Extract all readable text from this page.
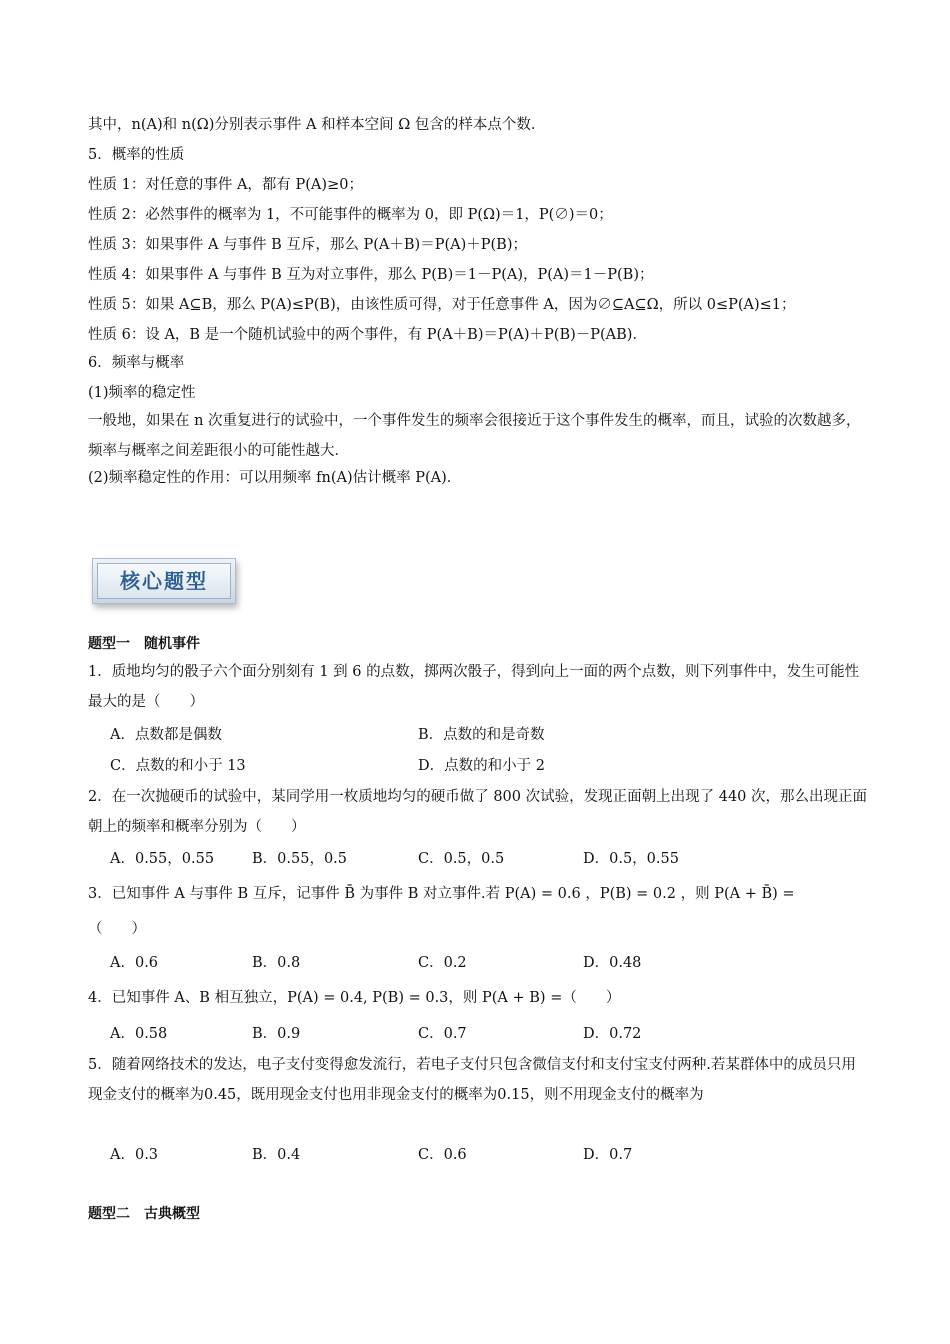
其中，n(A)和 n(Ω)分别表示事件 A 和样本空间 Ω 包含的样本点个数．
5．概率的性质
性质 1：对任意的事件 A，都有 P(A)≥0；
性质 2：必然事件的概率为 1，不可能事件的概率为 0，即 P(Ω)＝1，P(∅)＝0；
性质 3：如果事件 A 与事件 B 互斥，那么 P(A＋B)＝P(A)＋P(B)；
性质 4：如果事件 A 与事件 B 互为对立事件，那么 P(B)＝1－P(A)，P(A)＝1－P(B)；
性质 5：如果 A⊆B，那么 P(A)≤P(B)，由该性质可得，对于任意事件 A，因为∅⊆A⊆Ω，所以 0≤P(A)≤1；
性质 6：设 A，B 是一个随机试验中的两个事件，有 P(A＋B)＝P(A)＋P(B)－P(AB)．
6．频率与概率
(1)频率的稳定性
一般地，如果在 n 次重复进行的试验中，一个事件发生的频率会很接近于这个事件发生的概率，而且，试验的次数越多，频率与概率之间差距很小的可能性越大．
(2)频率稳定性的作用：可以用频率 fn(A)估计概率 P(A)．
核心题型
题型一　随机事件
1．质地均匀的骰子六个面分别刻有 1 到 6 的点数，掷两次骰子，得到向上一面的两个点数，则下列事件中，发生可能性最大的是（　　）
A．点数都是偶数	B．点数的和是奇数
C．点数的和小于 13	D．点数的和小于 2
2．在一次抛硬币的试验中，某同学用一枚质地均匀的硬币做了 800 次试验，发现正面朝上出现了 440 次，那么出现正面朝上的频率和概率分别为（　　）
A．0.55，0.55	B．0.55，0.5	C．0.5，0.5	D．0.5，0.55
3．已知事件 A 与事件 B 互斥，记事件 B̄ 为事件 B 对立事件.若 P(A) = 0.6 ，P(B) = 0.2 ，则 P(A + B̄) =
（　　）
A．0.6	B．0.8	C．0.2	D．0.48
4．已知事件 A、B 相互独立，P(A) = 0.4, P(B) = 0.3，则 P(A + B) =（　　）
A．0.58	B．0.9	C．0.7	D．0.72
5．随着网络技术的发达，电子支付变得愈发流行，若电子支付只包含微信支付和支付宝支付两种.若某群体中的成员只用现金支付的概率为0.45，既用现金支付也用非现金支付的概率为0.15，则不用现金支付的概率为
A．0.3	B．0.4	C．0.6	D．0.7
题型二　古典概型
